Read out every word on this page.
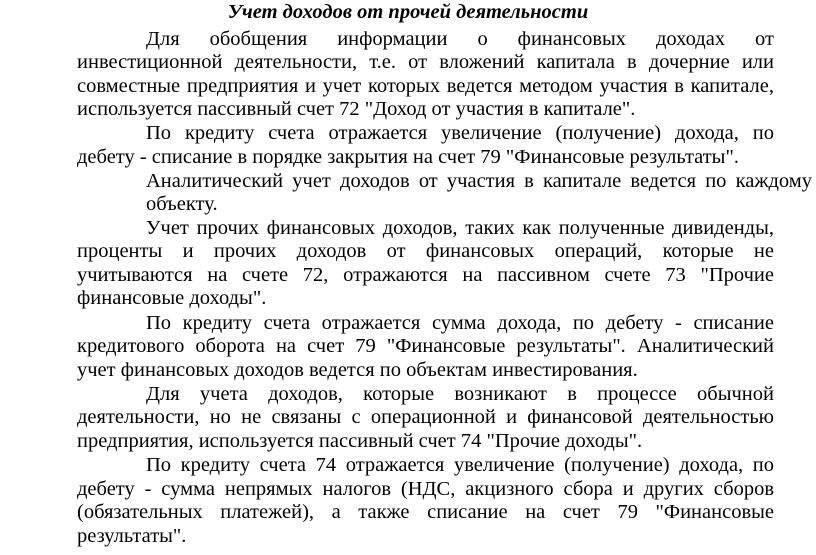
Учет доходов от прочей деятельности
Для обобщения информации о финансовых доходах от
инвестиционной деятельности, т.е. от вложений капитала в дочерние или
совместные предприятия и учет которых ведется методом участия в капитале,
используется пассивный счет 72 "Доход от участия в капитале".
По кредиту счета отражается увеличение (получение) дохода, по
дебету - списание в порядке закрытия на счет 79 "Финансовые результаты".
Аналитический учет доходов от участия в капитале ведется по каждому
объекту.
Учет прочих финансовых доходов, таких как полученные дивиденды,
проценты и прочих доходов от финансовых операций, которые не
учитываются на счете 72, отражаются на пассивном счете 73 "Прочие
финансовые доходы".
По кредиту счета отражается сумма дохода, по дебету - списание
кредитового оборота на счет 79 "Финансовые результаты". Аналитический
учет финансовых доходов ведется по объектам инвестирования.
Для учета доходов, которые возникают в процессе обычной
деятельности, но не связаны с операционной и финансовой деятельностью
предприятия, используется пассивный счет 74 "Прочие доходы".
По кредиту счета 74 отражается увеличение (получение) дохода, по
дебету - сумма непрямых налогов (НДС, акцизного сбора и других сборов
(обязательных платежей), а также списание на счет 79 "Финансовые
результаты".
